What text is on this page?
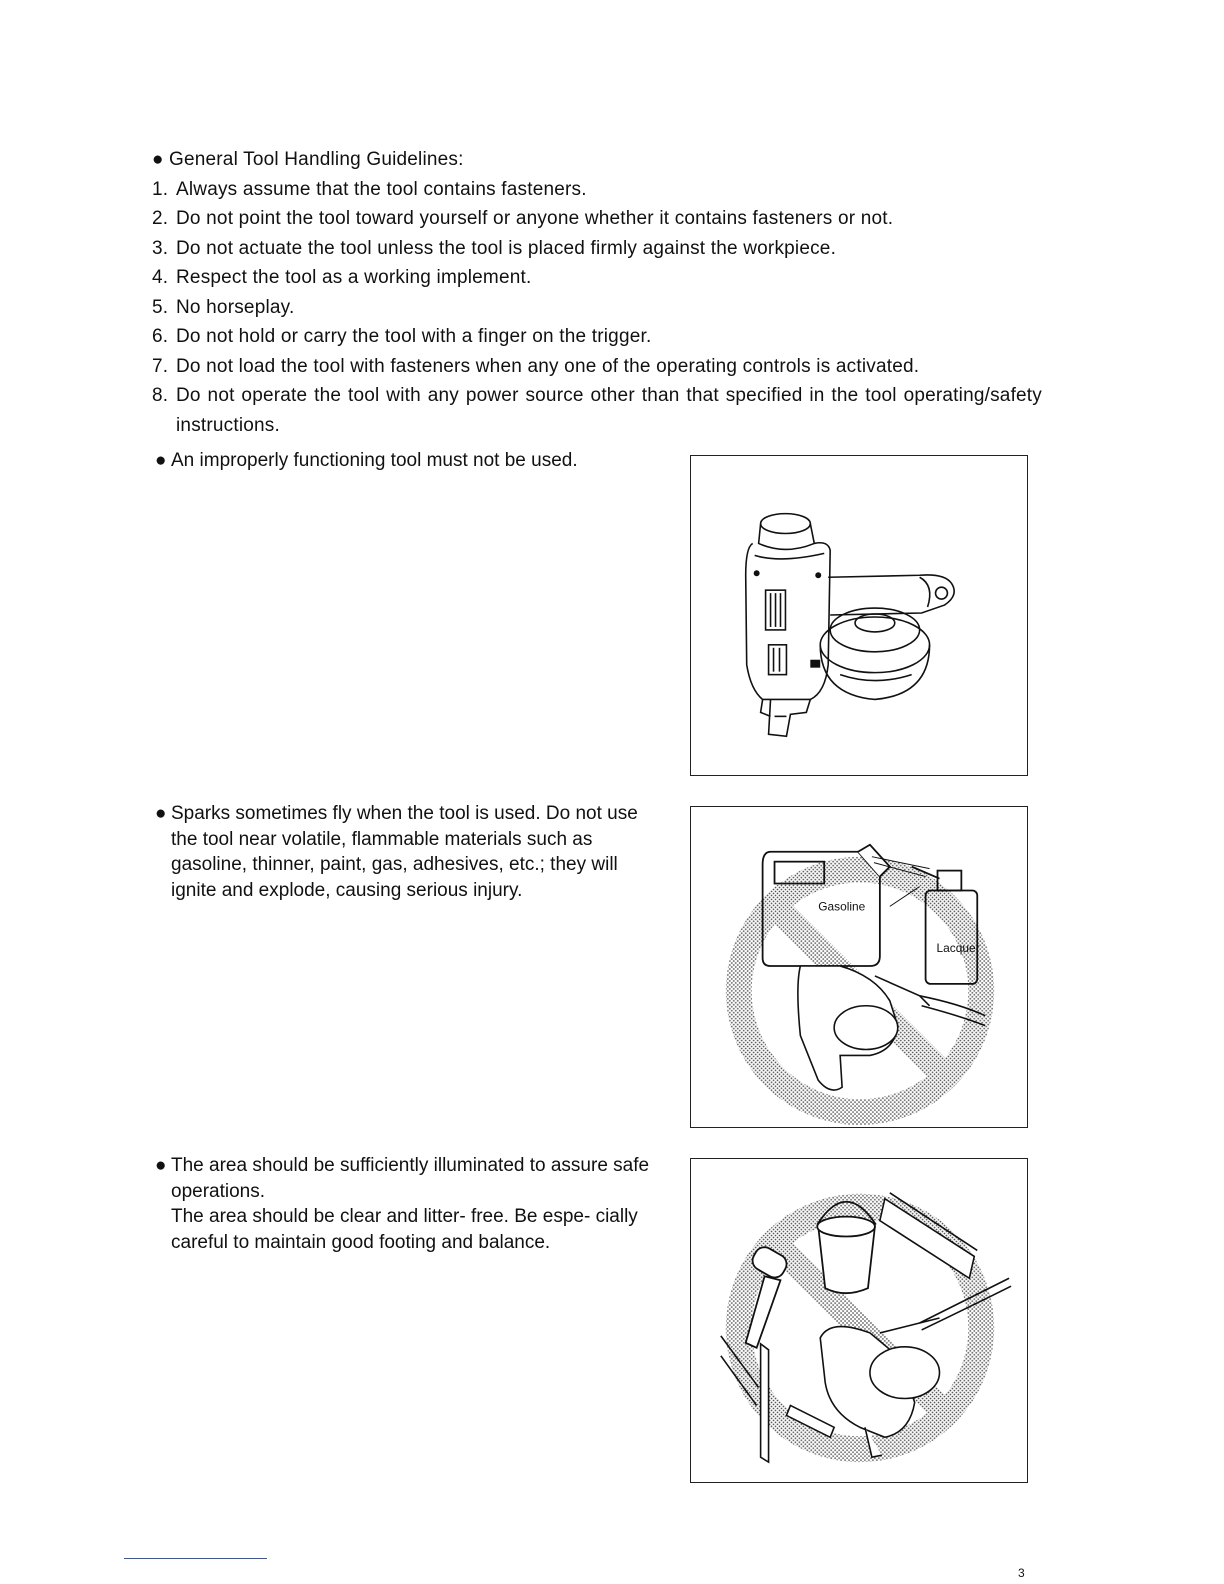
● General Tool Handling Guidelines:
1. Always assume that the tool contains fasteners.
2. Do not point the tool toward yourself or anyone whether it contains fasteners or not.
3. Do not actuate the tool unless the tool is placed firmly against the workpiece.
4. Respect the tool as a working implement.
5. No horseplay.
6. Do not hold or carry the tool with a finger on the trigger.
7. Do not load the tool with fasteners when any one of the operating controls is activated.
8. Do not operate the tool with any power source other than that specified in the tool operating/safety instructions.
● An improperly functioning tool must not be used.
● Sparks sometimes fly when the tool is used. Do not use the tool near volatile, flammable materials such as gasoline, thinner, paint, gas, adhesives, etc.; they will ignite and explode, causing serious injury.
Gasoline
Lacquer
● The area should be sufficiently illuminated to assure safe operations.

The area should be clear and litter- free. Be espe- cially careful to maintain good footing and balance.

3
